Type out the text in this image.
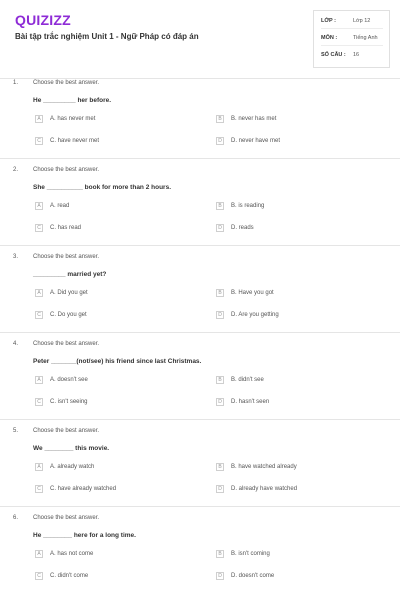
QUIZIZZ
Bài tập trắc nghiệm Unit 1 - Ngữ Pháp có đáp án
LỚP :	Lớp 12
MÔN :	Tiếng Anh
SỐ CÂU :	16
1. Choose the best answer.
He _________ her before.
A	A. has never met	B	B. never has met
C	C. have never met	D	D. never have met
2. Choose the best answer.
She __________ book for more than 2 hours.
A	A. read	B	B. is reading
C	C. has read	D	D. reads
3. Choose the best answer.
_________ married yet?
A	A. Did you get	B	B. Have you got
C	C. Do you get	D	D. Are you getting
4. Choose the best answer.
Peter _______(not/see) his friend since last Christmas.
A	A. doesn't see	B	B. didn't see
C	C. isn't seeing	D	D. hasn't seen
5. Choose the best answer.
We ________ this movie.
A	A. already watch	B	B. have watched already
C	C. have already watched	D	D. already have watched
6. Choose the best answer.
He ________ here for a long time.
A	A. has not come	B	B. isn't coming
C	C. didn't come	D	D. doesn't come
